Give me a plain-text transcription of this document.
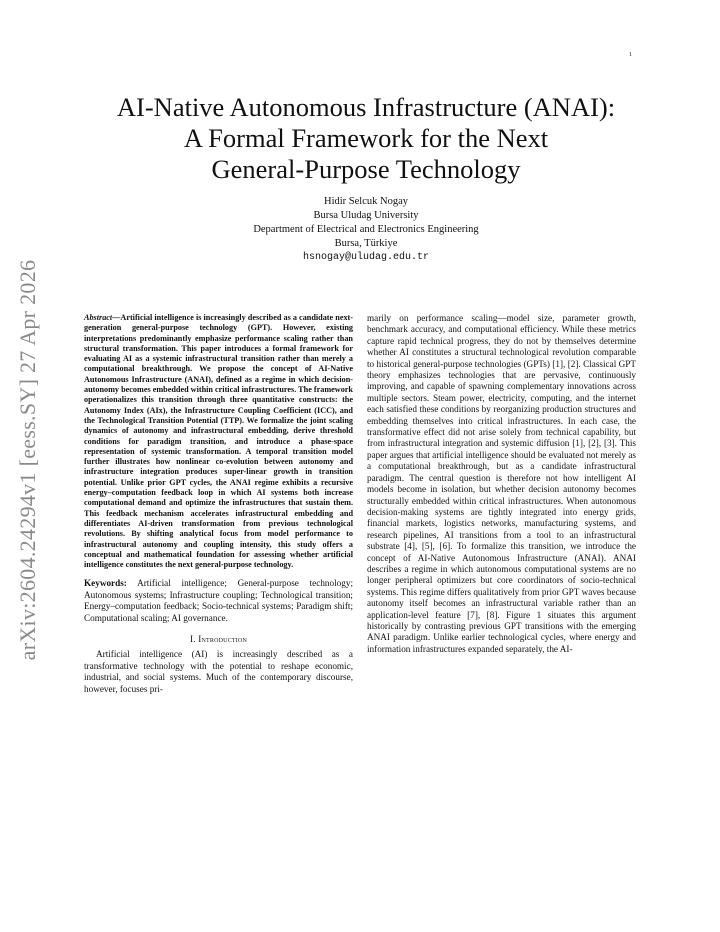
1
arXiv:2604.24294v1 [eess.SY] 27 Apr 2026
AI-Native Autonomous Infrastructure (ANAI):
A Formal Framework for the Next
General-Purpose Technology
Hidir Selcuk Nogay
Bursa Uludag University
Department of Electrical and Electronics Engineering
Bursa, Türkiye
hsnogay@uludag.edu.tr

Abstract—Artificial intelligence is increasingly described as a candidate next-generation general-purpose technology (GPT). However, existing interpretations predominantly emphasize performance scaling rather than structural transformation. This paper introduces a formal framework for evaluating AI as a systemic infrastructural transition rather than merely a computational breakthrough. We propose the concept of AI-Native Autonomous Infrastructure (ANAI), defined as a regime in which decision-autonomy becomes embedded within critical infrastructures. The framework operationalizes this transition through three quantitative constructs: the Autonomy Index (AIx), the Infrastructure Coupling Coefficient (ICC), and the Technological Transition Potential (TTP). We formalize the joint scaling dynamics of autonomy and infrastructural embedding, derive threshold conditions for paradigm transition, and introduce a phase-space representation of systemic transformation. A temporal transition model further illustrates how nonlinear co-evolution between autonomy and infrastructure integration produces super-linear growth in transition potential. Unlike prior GPT cycles, the ANAI regime exhibits a recursive energy–computation feedback loop in which AI systems both increase computational demand and optimize the infrastructures that sustain them. This feedback mechanism accelerates infrastructural embedding and differentiates AI-driven transformation from previous technological revolutions. By shifting analytical focus from model performance to infrastructural autonomy and coupling intensity, this study offers a conceptual and mathematical foundation for assessing whether artificial intelligence constitutes the next general-purpose technology.

Keywords: Artificial intelligence; General-purpose technology; Autonomous systems; Infrastructure coupling; Technological transition; Energy–computation feedback; Socio-technical systems; Paradigm shift; Computational scaling; AI governance.

I. Introduction

Artificial intelligence (AI) is increasingly described as a transformative technology with the potential to reshape economic, industrial, and social systems. Much of the contemporary discourse, however, focuses pri-

marily on performance scaling—model size, parameter growth, benchmark accuracy, and computational efficiency. While these metrics capture rapid technical progress, they do not by themselves determine whether AI constitutes a structural technological revolution comparable to historical general-purpose technologies (GPTs) [1], [2]. Classical GPT theory emphasizes technologies that are pervasive, continuously improving, and capable of spawning complementary innovations across multiple sectors. Steam power, electricity, computing, and the internet each satisfied these conditions by reorganizing production structures and embedding themselves into critical infrastructures. In each case, the transformative effect did not arise solely from technical capability, but from infrastructural integration and systemic diffusion [1], [2], [3]. This paper argues that artificial intelligence should be evaluated not merely as a computational breakthrough, but as a candidate infrastructural paradigm. The central question is therefore not how intelligent AI models become in isolation, but whether decision autonomy becomes structurally embedded within critical infrastructures. When autonomous decision-making systems are tightly integrated into energy grids, financial markets, logistics networks, manufacturing systems, and research pipelines, AI transitions from a tool to an infrastructural substrate [4], [5], [6]. To formalize this transition, we introduce the concept of AI-Native Autonomous Infrastructure (ANAI). ANAI describes a regime in which autonomous computational systems are no longer peripheral optimizers but core coordinators of socio-technical systems. This regime differs qualitatively from prior GPT waves because autonomy itself becomes an infrastructural variable rather than an application-level feature [7], [8]. Figure 1 situates this argument historically by contrasting previous GPT transitions with the emerging ANAI paradigm. Unlike earlier technological cycles, where energy and information infrastructures expanded separately, the AI-
